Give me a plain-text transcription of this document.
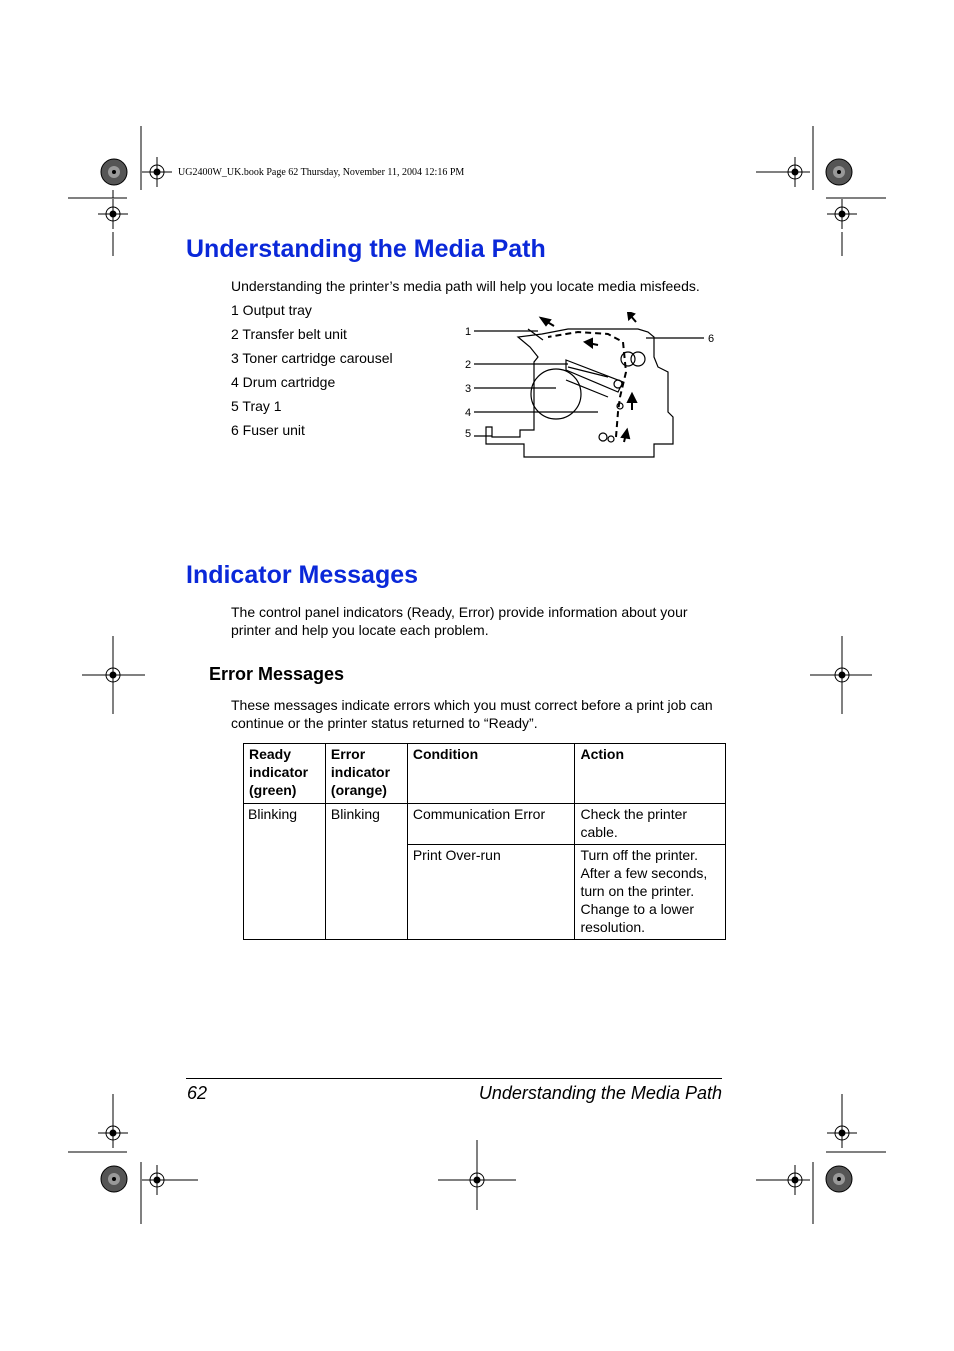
UG2400W_UK.book Page 62 Thursday, November 11, 2004 12:16 PM
Understanding the Media Path
Understanding the printer’s media path will help you locate media misfeeds.
1 Output tray
2 Transfer belt unit
3 Toner cartridge carousel
4 Drum cartridge
5 Tray 1
6 Fuser unit
1
2
3
4
5
6
Indicator Messages
The control panel indicators (Ready, Error) provide information about your printer and help you locate each problem.
Error Messages
These messages indicate errors which you must correct before a print job can continue or the printer status returned to “Ready”.
Ready
indicator
(green)	Error
indicator
(orange)	Condition	Action
Blinking	Blinking	Communication Error	Check the printer cable.
		Print Over-run	Turn off the printer. After a few seconds, turn on the printer. Change to a lower resolution.
62	Understanding the Media Path
